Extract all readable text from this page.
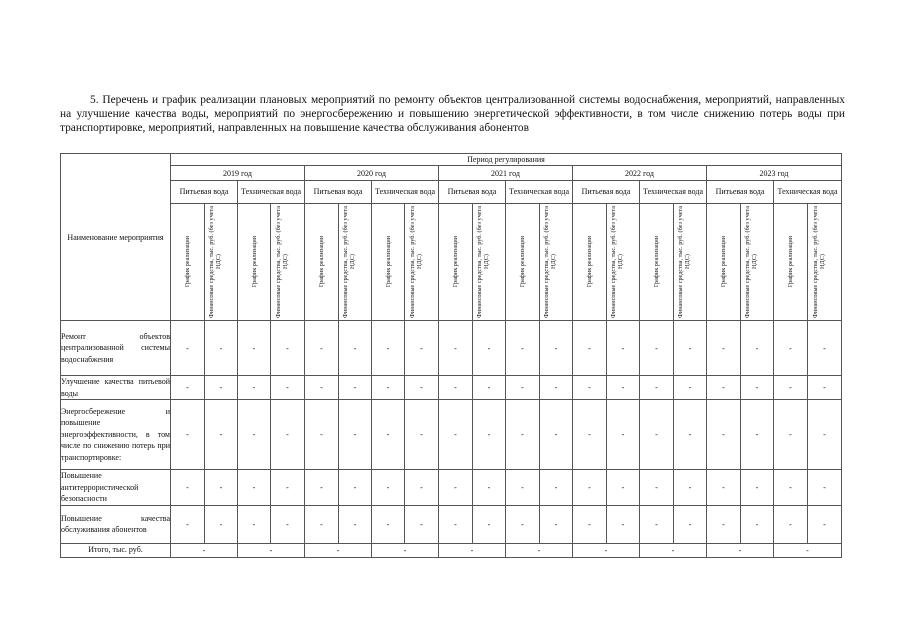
5. Перечень и график реализации плановых мероприятий по ремонту объектов централизованной системы водоснабжения, мероприятий, направленных на улучшение качества воды, мероприятий по энергосбережению и повышению энергетической эффективности, в том числе снижению потерь воды при транспортировке, мероприятий, направленных на повышение качества обслуживания абонентов
Наименование мероприятия	Период регулирования																			
	2019 год				2020 год				2021 год				2022 год				2023 год			
	Питьевая вода		Техническая вода		Питьевая вода		Техническая вода		Питьевая вода		Техническая вода		Питьевая вода		Техническая вода		Питьевая вода		Техническая вода	

	График реализации	Финансовые средства, тыс. руб. (без учета НДС)	График реализации	Финансовые средства, тыс. руб. (без учета НДС)	График реализации	Финансовые средства, тыс. руб. (без учета НДС)	График реализации	Финансовые средства, тыс. руб. (без учета НДС)	График реализации	Финансовые средства, тыс. руб. (без учета НДС)	График реализации	Финансовые средства, тыс. руб. (без учета НДС)	График реализации	Финансовые средства, тыс. руб. (без учета НДС)	График реализации	Финансовые средства, тыс. руб. (без учета НДС)	График реализации	Финансовые средства, тыс. руб. (без учета НДС)	График реализации	Финансовые средства, тыс. руб. (без учета НДС)

Ремонт объектов централизованной системы водоснабжения	-	-	-	-	-	-	-	-	-	-	-	-	-	-	-	-	-	-	-	-
Улучшение качества питьевой воды	-	-	-	-	-	-	-	-	-	-	-	-	-	-	-	-	-	-	-	-
Энергосбережение и повышение энергоэффективности, в том числе по снижению потерь при транспортировке:	-	-	-	-	-	-	-	-	-	-	-	-	-	-	-	-	-	-	-	-
Повышение антитеррористической безопасности	-	-	-	-	-	-	-	-	-	-	-	-	-	-	-	-	-	-	-	-
Повышение качества обслуживания абонентов	-	-	-	-	-	-	-	-	-	-	-	-	-	-	-	-	-	-	-	-
Итого, тыс. руб.	-		-		-		-		-		-		-		-		-		-	
